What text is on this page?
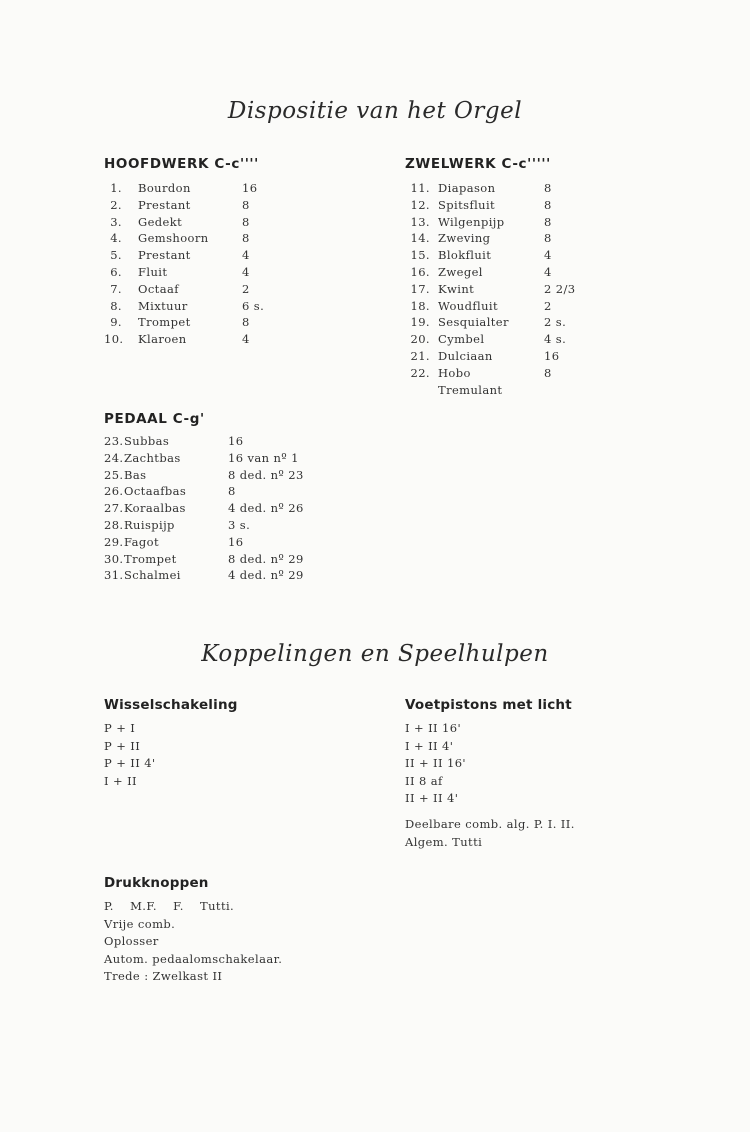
Dispositie van het Orgel
HOOFDWERK C-c''''
1. Bourdon	16
2. Prestant	8
3. Gedekt	8
4. Gemshoorn	8
5. Prestant	4
6. Fluit	4
7. Octaaf	2
8. Mixtuur	6 s.
9. Trompet	8
10. Klaroen	4
ZWELWERK C-c'''''
11. Diapason	8
12. Spitsfluit	8
13. Wilgenpijp	8
14. Zweving	8
15. Blokfluit	4
16. Zwegel	4
17. Kwint	2 2/3
18. Woudfluit	2
19. Sesquialter	2 s.
20. Cymbel	4 s.
21. Dulciaan	16
22. Hobo	8
Tremulant
PEDAAL C-g'
23. Subbas	16
24. Zachtbas	16 van nº 1
25. Bas	8 ded. nº 23
26. Octaafbas	8
27. Koraalbas	4 ded. nº 26
28. Ruispijp	3 s.
29. Fagot	16
30. Trompet	8 ded. nº 29
31. Schalmei	4 ded. nº 29
Koppelingen en Speelhulpen
Wisselschakeling
P + I
P + II
P + II 4'
I + II
Voetpistons met licht
I + II 16'
I + II 4'
II + II 16'
II 8 af
II + II 4'
Deelbare comb. alg. P. I. II.
Algem. Tutti
Drukknoppen
P.    M.F.    F.    Tutti.
Vrije comb.
Oplosser
Autom. pedaalomschakelaar.
Trede : Zwelkast II
